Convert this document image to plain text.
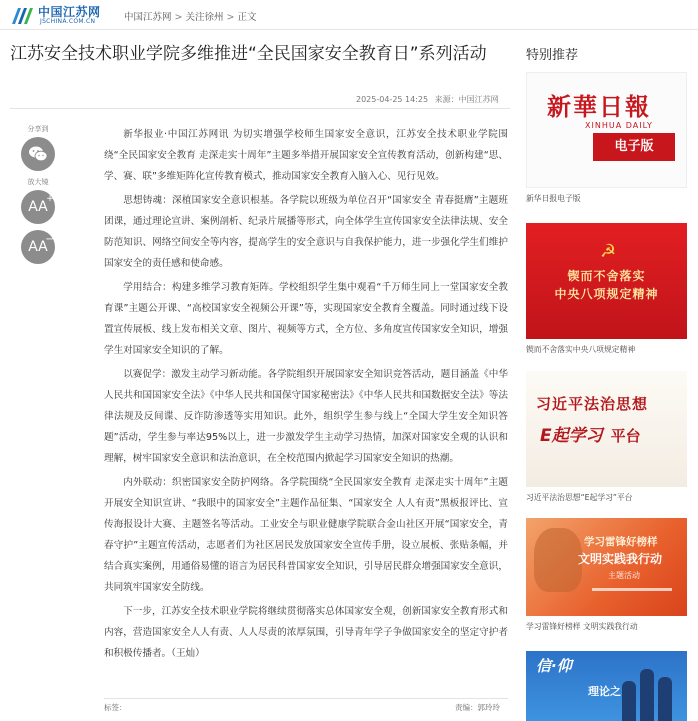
中国江苏网
JSCHINA.COM.CN	中国江苏网 > 关注徐州 > 正文
江苏安全技术职业学院多维推进“全民国家安全教育日”系列活动
2025-04-25 14:25 来源：中国江苏网
分享到
放大镜
AA
+
AA
−

新华报业·中国江苏网讯 为切实增强学校师生国家安全意识，江苏安全技术职业学院围绕“全民国家安全教育 走深走实十周年”主题多举措开展国家安全宣传教育活动，创新构建“思、学、赛、联”多维矩阵化宣传教育模式，推动国家安全教育入脑入心、见行见效。

思想铸魂：深植国家安全意识根基。各学院以班级为单位召开“国家安全 青春挺膺”主题班团课，通过理论宣讲、案例剖析、纪录片展播等形式，向全体学生宣传国家安全法律法规、安全防范知识、网络空间安全等内容，提高学生的安全意识与自我保护能力，进一步强化学生们维护国家安全的责任感和使命感。

学用结合：构建多维学习教育矩阵。学校组织学生集中观看“千万师生同上一堂国家安全教育课”主题公开课、“高校国家安全视频公开课”等，实现国家安全教育全覆盖。同时通过线下设置宣传展板、线上发布相关文章、图片、视频等方式，全方位、多角度宣传国家安全知识，增强学生对国家安全知识的了解。

以赛促学：激发主动学习新动能。各学院组织开展国家安全知识竞答活动，题目涵盖《中华人民共和国国家安全法》《中华人民共和国保守国家秘密法》《中华人民共和国数据安全法》等法律法规及反间谍、反诈防渗透等实用知识。此外，组织学生参与线上“全国大学生安全知识答题”活动，学生参与率达95%以上，进一步激发学生主动学习热情，加深对国家安全观的认识和理解，树牢国家安全意识和法治意识，在全校范围内掀起学习国家安全知识的热潮。

内外联动：织密国家安全防护网络。各学院围绕“全民国家安全教育 走深走实十周年”主题开展安全知识宣讲、“我眼中的国家安全”主题作品征集、“国家安全 人人有责”黑板报评比、宣传海报设计大赛、主题签名等活动。工业安全与职业健康学院联合金山社区开展“国家安全，青春守护”主题宣传活动，志愿者们为社区居民发放国家安全宣传手册，设立展板、张贴条幅，并结合真实案例，用通俗易懂的语言为居民科普国家安全知识，引导居民群众增强国家安全意识，共同筑牢国家安全防线。

下一步，江苏安全技术职业学院将继续贯彻落实总体国家安全观，创新国家安全教育形式和内容，营造国家安全人人有责、人人尽责的浓厚氛围，引导青年学子争做国家安全的坚定守护者和积极传播者。（王灿）

标签：	责编：郭玲玲
特别推荐
新華日報
XINHUA DAILY
电子版
新华日报电子版
☭
锲而不舍落实
中央八项规定精神
锲而不舍落实中央八项规定精神
习近平法治思想
E起学习 平台
习近平法治思想“E起学习”平台
学习雷锋好榜样
文明实践我行动
主题活动
学习雷锋好榜样 文明实践我行动
信·仰
理论之
